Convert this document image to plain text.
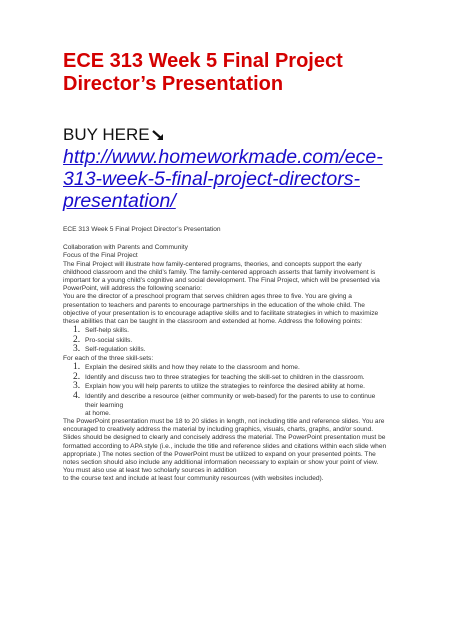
ECE 313 Week 5 Final Project
Director’s Presentation
BUY HERE
http://www.homeworkmade.com/ece-
313-week-5-final-project-directors-
presentation/

ECE 313 Week 5 Final Project Director’s Presentation

Collaboration with Parents and Community

Focus of the Final Project

The Final Project will illustrate how family-centered programs, theories, and concepts support the early

childhood classroom and the child’s family. The family-centered approach asserts that family involvement is

important for a young child’s cognitive and social development. The Final Project, which will be presented via

PowerPoint, will address the following scenario:

You are the director of a preschool program that serves children ages three to five. You are giving a

presentation to teachers and parents to encourage partnerships in the education of the whole child. The

objective of your presentation is to encourage adaptive skills and to facilitate strategies in which to maximize

these abilities that can be taught in the classroom and extended at home. Address the following points:

1. Self-help skills.
2. Pro-social skills.
3. Self-regulation skills.

For each of the three skill-sets:

1. Explain the desired skills and how they relate to the classroom and home.
2. Identify and discuss two to three strategies for teaching the skill-set to children in the classroom.
3. Explain how you will help parents to utilize the strategies to reinforce the desired ability at home.
4. Identify and describe a resource (either community or web-based) for the parents to use to continue
their learning
at home.

The PowerPoint presentation must be 18 to 20 slides in length, not including title and reference slides. You are

encouraged to creatively address the material by including graphics, visuals, charts, graphs, and/or sound.

Slides should be designed to clearly and concisely address the material. The PowerPoint presentation must be

formatted according to APA style (i.e., include the title and reference slides and citations within each slide when

appropriate.) The notes section of the PowerPoint must be utilized to expand on your presented points. The

notes section should also include any additional information necessary to explain or show your point of view.

You must also use at least two scholarly sources in addition

to the course text and include at least four community resources (with websites included).
